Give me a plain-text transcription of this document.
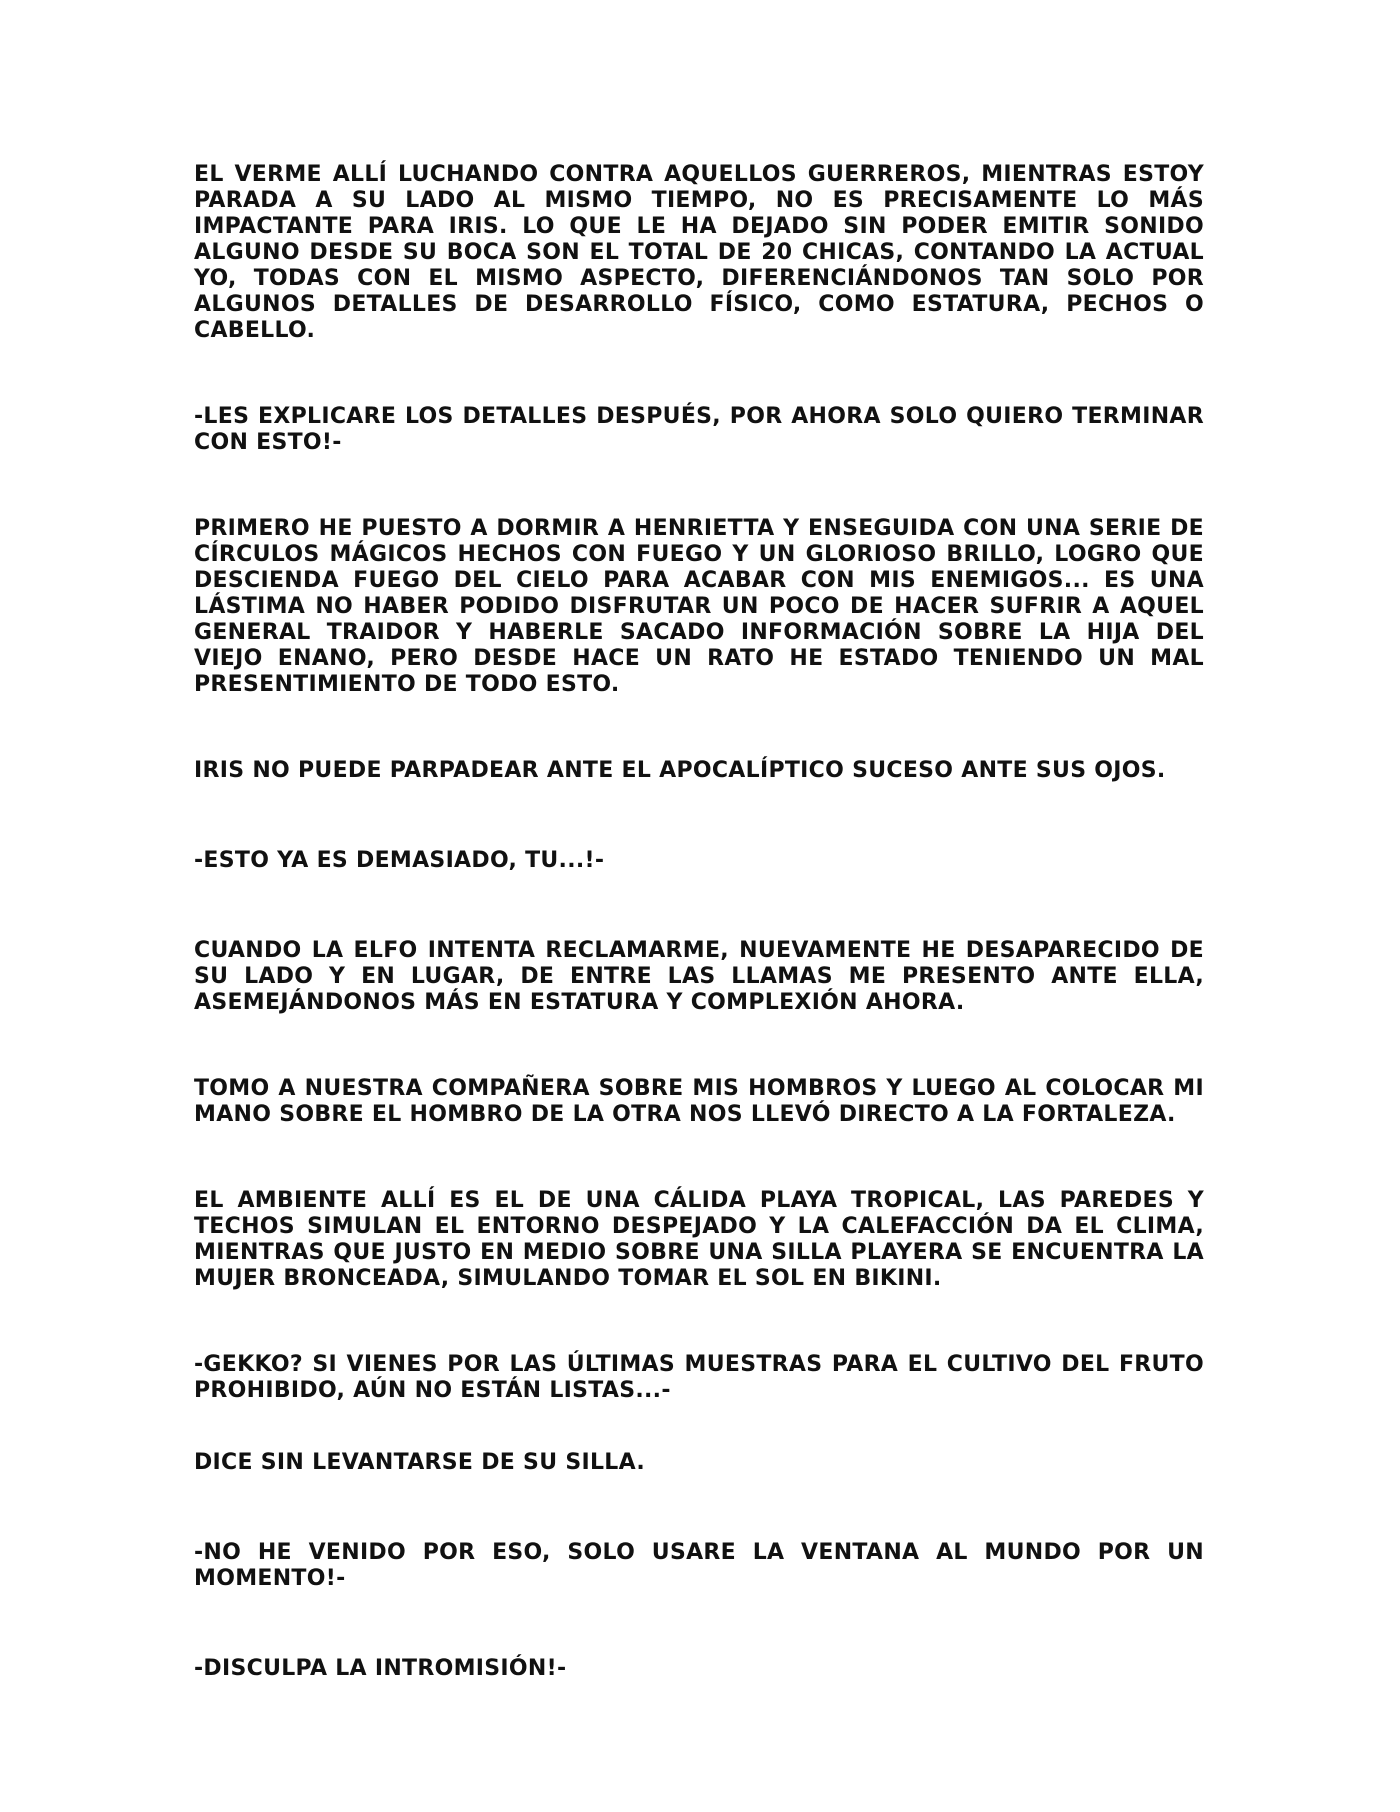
EL VERME ALLÍ LUCHANDO CONTRA AQUELLOS GUERREROS, MIENTRAS ESTOY PARADA A SU LADO AL MISMO TIEMPO, NO ES PRECISAMENTE LO MÁS IMPACTANTE PARA IRIS. LO QUE LE HA DEJADO SIN PODER EMITIR SONIDO ALGUNO DESDE SU BOCA SON EL TOTAL DE 20 CHICAS, CONTANDO LA ACTUAL YO, TODAS CON EL MISMO ASPECTO, DIFERENCIÁNDONOS TAN SOLO POR ALGUNOS DETALLES DE DESARROLLO FÍSICO, COMO ESTATURA, PECHOS O CABELLO.

-LES EXPLICARE LOS DETALLES DESPUÉS, POR AHORA SOLO QUIERO TERMINAR CON ESTO!-

PRIMERO HE PUESTO A DORMIR A HENRIETTA Y ENSEGUIDA CON UNA SERIE DE CÍRCULOS MÁGICOS HECHOS CON FUEGO Y UN GLORIOSO BRILLO, LOGRO QUE DESCIENDA FUEGO DEL CIELO PARA ACABAR CON MIS ENEMIGOS... ES UNA LÁSTIMA NO HABER PODIDO DISFRUTAR UN POCO DE HACER SUFRIR A AQUEL GENERAL TRAIDOR Y HABERLE SACADO INFORMACIÓN SOBRE LA HIJA DEL VIEJO ENANO, PERO DESDE HACE UN RATO HE ESTADO TENIENDO UN MAL PRESENTIMIENTO DE TODO ESTO.

IRIS NO PUEDE PARPADEAR ANTE EL APOCALÍPTICO SUCESO ANTE SUS OJOS.

-ESTO YA ES DEMASIADO, TU...!-

CUANDO LA ELFO INTENTA RECLAMARME, NUEVAMENTE HE DESAPARECIDO DE SU LADO Y EN LUGAR, DE ENTRE LAS LLAMAS ME PRESENTO ANTE ELLA, ASEMEJÁNDONOS MÁS EN ESTATURA Y COMPLEXIÓN AHORA.

TOMO A NUESTRA COMPAÑERA SOBRE MIS HOMBROS Y LUEGO AL COLOCAR MI MANO SOBRE EL HOMBRO DE LA OTRA NOS LLEVÓ DIRECTO A LA FORTALEZA.

EL AMBIENTE ALLÍ ES EL DE UNA CÁLIDA PLAYA TROPICAL, LAS PAREDES Y TECHOS SIMULAN EL ENTORNO DESPEJADO Y LA CALEFACCIÓN DA EL CLIMA, MIENTRAS QUE JUSTO EN MEDIO SOBRE UNA SILLA PLAYERA SE ENCUENTRA LA MUJER BRONCEADA, SIMULANDO TOMAR EL SOL EN BIKINI.

-GEKKO? SI VIENES POR LAS ÚLTIMAS MUESTRAS PARA EL CULTIVO DEL FRUTO PROHIBIDO, AÚN NO ESTÁN LISTAS...-

DICE SIN LEVANTARSE DE SU SILLA.

-NO HE VENIDO POR ESO, SOLO USARE LA VENTANA AL MUNDO POR UN MOMENTO!-

-DISCULPA LA INTROMISIÓN!-
